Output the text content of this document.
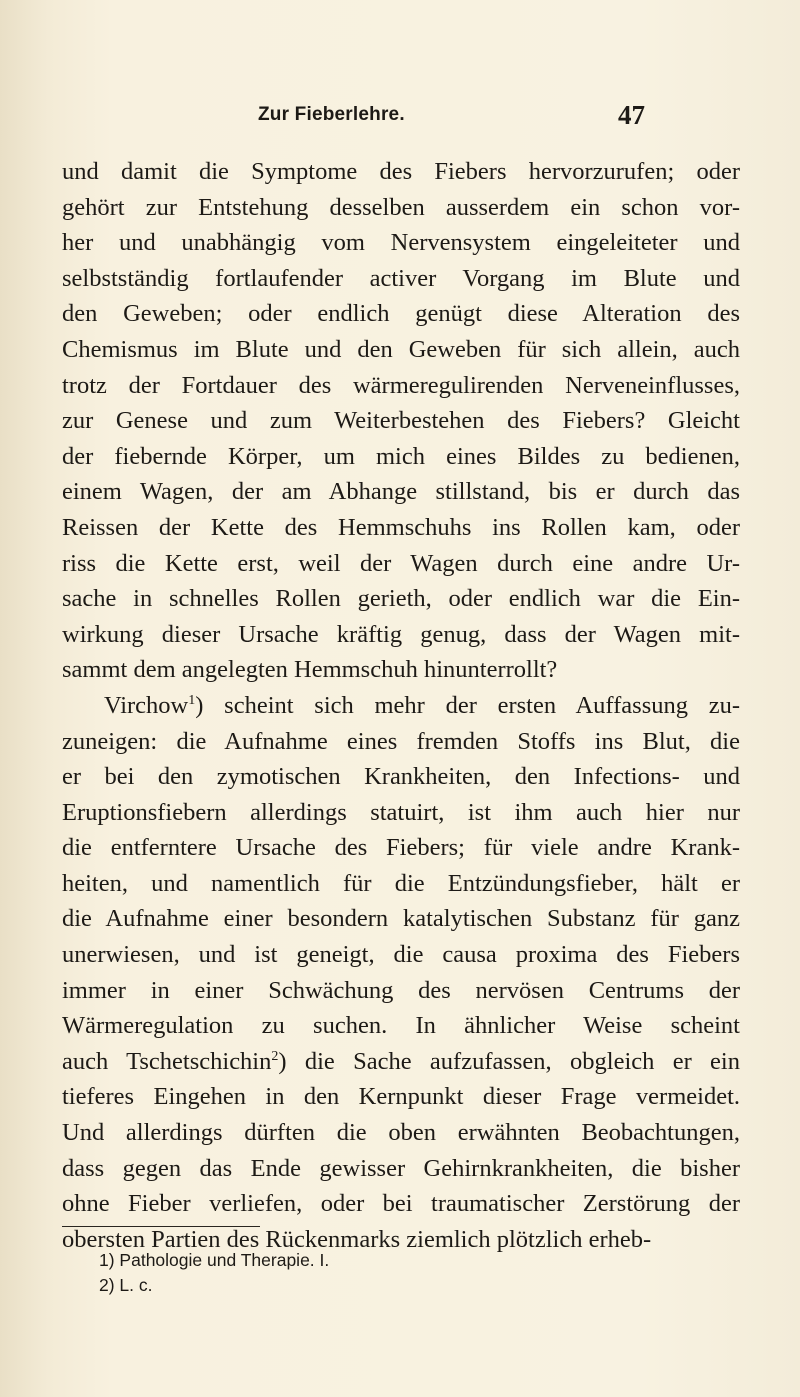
Zur Fieberlehre.	47
und damit die Symptome des Fiebers hervorzurufen; oder
gehört zur Entstehung desselben ausserdem ein schon vor-
her und unabhängig vom Nervensystem eingeleiteter und
selbstständig fortlaufender activer Vorgang im Blute und
den Geweben; oder endlich genügt diese Alteration des
Chemismus im Blute und den Geweben für sich allein, auch
trotz der Fortdauer des wärmeregulirenden Nerveneinflusses,
zur Genese und zum Weiterbestehen des Fiebers? Gleicht
der fiebernde Körper, um mich eines Bildes zu bedienen,
einem Wagen, der am Abhange stillstand, bis er durch das
Reissen der Kette des Hemmschuhs ins Rollen kam, oder
riss die Kette erst, weil der Wagen durch eine andre Ur-
sache in schnelles Rollen gerieth, oder endlich war die Ein-
wirkung dieser Ursache kräftig genug, dass der Wagen mit-
sammt dem angelegten Hemmschuh hinunterrollt?
Virchow$^1$) scheint sich mehr der ersten Auffassung zu-
zuneigen: die Aufnahme eines fremden Stoffs ins Blut, die
er bei den zymotischen Krankheiten, den Infections- und
Eruptionsfiebern allerdings statuirt, ist ihm auch hier nur
die entferntere Ursache des Fiebers; für viele andre Krank-
heiten, und namentlich für die Entzündungsfieber, hält er
die Aufnahme einer besondern katalytischen Substanz für ganz
unerwiesen, und ist geneigt, die causa proxima des Fiebers
immer in einer Schwächung des nervösen Centrums der
Wärmeregulation zu suchen. In ähnlicher Weise scheint
auch Tschetschichin$^2$) die Sache aufzufassen, obgleich er ein
tieferes Eingehen in den Kernpunkt dieser Frage vermeidet.
Und allerdings dürften die oben erwähnten Beobachtungen,
dass gegen das Ende gewisser Gehirnkrankheiten, die bisher
ohne Fieber verliefen, oder bei traumatischer Zerstörung der
obersten Partien des Rückenmarks ziemlich plötzlich erheb-
1) Pathologie und Therapie. I.
2) L. c.
